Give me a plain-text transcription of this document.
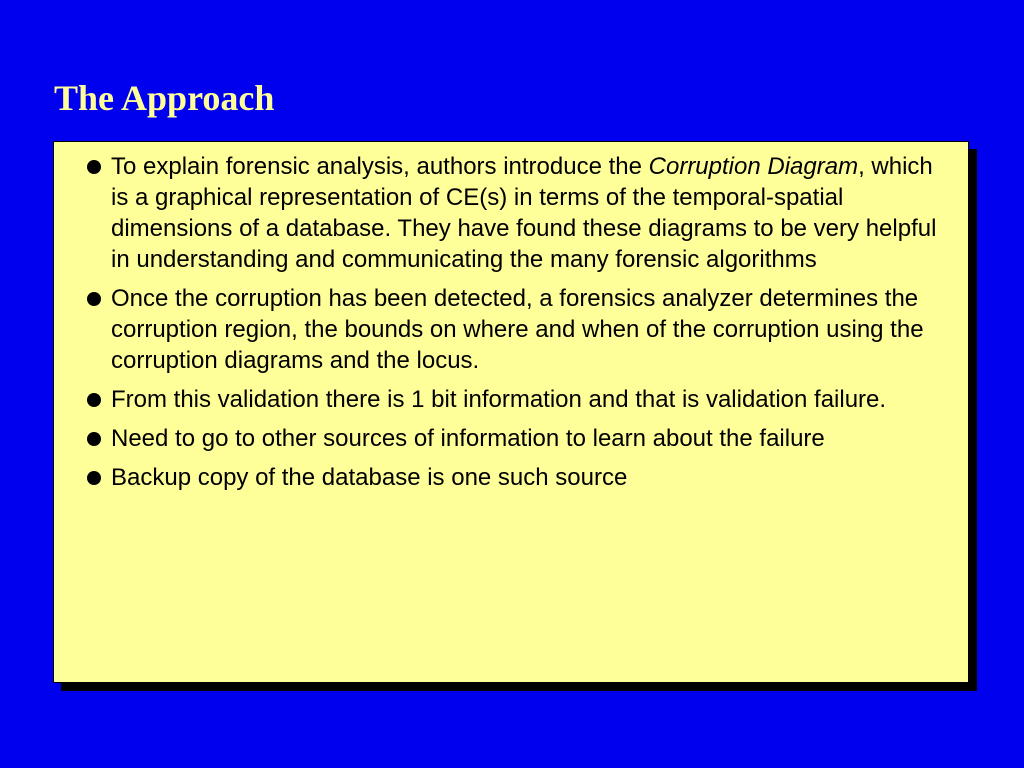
The Approach
To explain forensic analysis, authors introduce the Corruption Diagram, which is a graphical representation of CE(s) in terms of the temporal-spatial dimensions of a database. They have found these diagrams to be very helpful in understanding and communicating the many forensic algorithms
Once the corruption has been detected, a forensics analyzer determines the corruption region, the bounds on where and when of the corruption using the corruption diagrams and the locus.
From this validation there is 1 bit information and that is validation failure.
Need to go to other sources of information to learn about the failure
Backup copy of the database is one such source
